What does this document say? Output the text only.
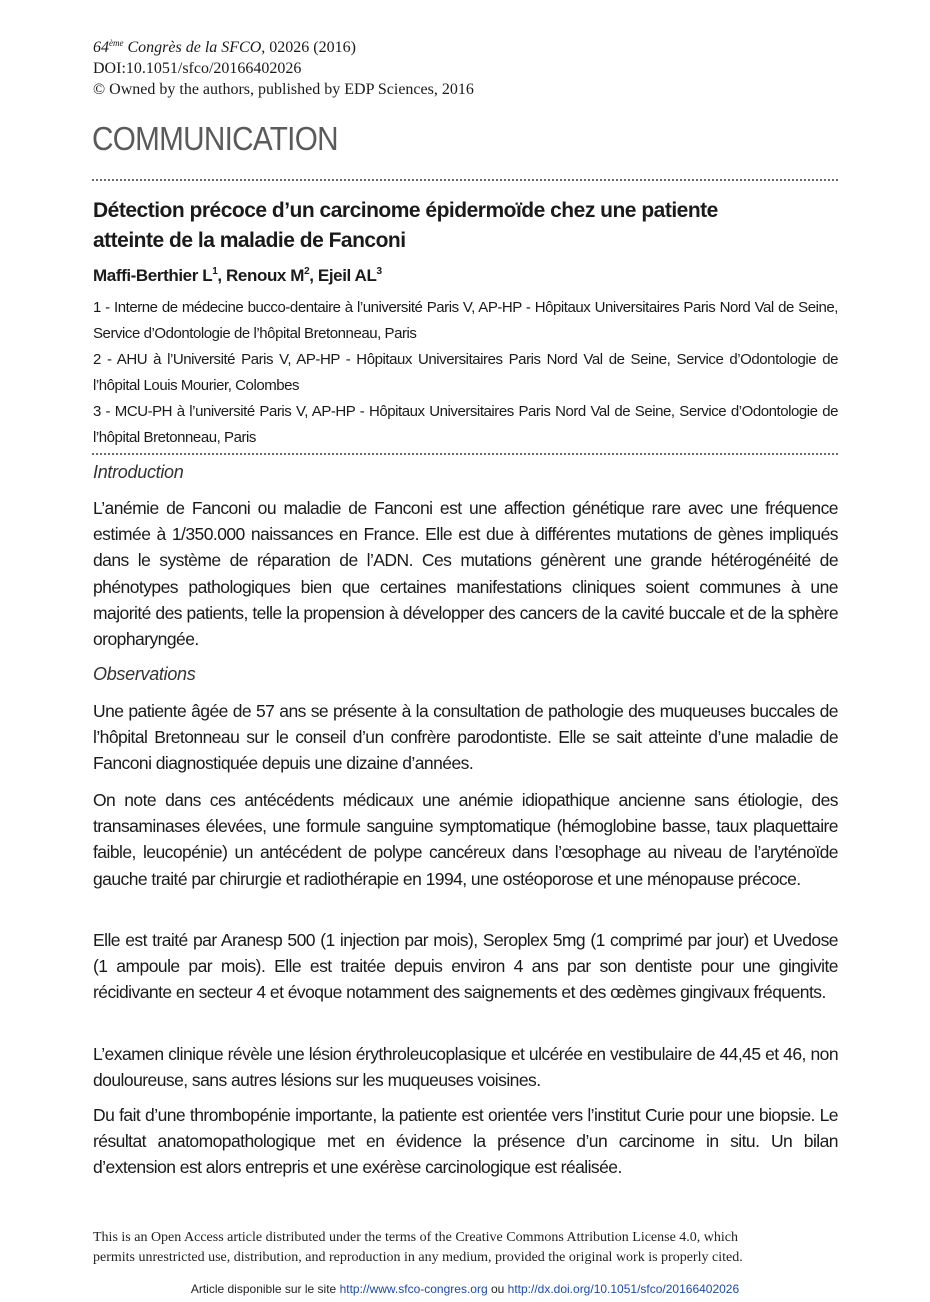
64ème Congrès de la SFCO, 02026 (2016)
DOI:10.1051/sfco/20166402026
© Owned by the authors, published by EDP Sciences, 2016
COMMUNICATION
Détection précoce d’un carcinome épidermoïde chez une patiente
atteinte de la maladie de Fanconi
Maffi-Berthier $L^1$, Renoux $M^2$, Ejeil $AL^3$
1 - Interne de médecine bucco-dentaire à l’université Paris V, AP-HP - Hôpitaux Universitaires Paris Nord Val de Seine, Service d’Odontologie de l’hôpital Bretonneau, Paris
2 - AHU à l’Université Paris V, AP-HP - Hôpitaux Universitaires Paris Nord Val de Seine, Service d’Odontologie de l’hôpital Louis Mourier, Colombes
3 - MCU-PH à l’université Paris V, AP-HP - Hôpitaux Universitaires Paris Nord Val de Seine, Service d’Odontologie de l’hôpital Bretonneau, Paris
Introduction
L’anémie de Fanconi ou maladie de Fanconi est une affection génétique rare avec une fréquence estimée à 1/350.000 naissances en France. Elle est due à différentes mutations de gènes impliqués dans le système de réparation de l’ADN. Ces mutations génèrent une grande hétérogénéité de phénotypes pathologiques bien que certaines manifestations cliniques soient communes à une majorité des patients, telle la propension à développer des cancers de la cavité buccale et de la sphère oropharyngée.
Observations
Une patiente âgée de 57 ans se présente à la consultation de pathologie des muqueuses buccales de l’hôpital Bretonneau sur le conseil d’un confrère parodontiste. Elle se sait atteinte d’une maladie de Fanconi diagnostiquée depuis une dizaine d’années.
On note dans ces antécédents médicaux une anémie idiopathique ancienne sans étiologie, des transaminases élevées, une formule sanguine symptomatique (hémoglobine basse, taux plaquettaire faible, leucopénie) un antécédent de polype cancéreux dans l’œsophage au niveau de l’aryténoïde gauche traité par chirurgie et radiothérapie en 1994, une ostéoporose et une ménopause précoce.
Elle est traité par Aranesp 500 (1 injection par mois), Seroplex 5mg (1 comprimé par jour) et Uvedose (1 ampoule par mois). Elle est traitée depuis environ 4 ans par son dentiste pour une gingivite récidivante en secteur 4 et évoque notamment des saignements et des œdèmes gingivaux fréquents.
L’examen clinique révèle une lésion érythroleucoplasique et ulcérée en vestibulaire de 44,45 et 46, non douloureuse, sans autres lésions sur les muqueuses voisines.
Du fait d’une thrombopénie importante, la patiente est orientée vers l’institut Curie pour une biopsie. Le résultat anatomopathologique met en évidence la présence d’un carcinome in situ. Un bilan d’extension est alors entrepris et une exérèse carcinologique est réalisée.
This is an Open Access article distributed under the terms of the Creative Commons Attribution License 4.0, which
permits unrestricted use, distribution, and reproduction in any medium, provided the original work is properly cited.
Article disponible sur le site http://www.sfco-congres.org ou http://dx.doi.org/10.1051/sfco/20166402026
